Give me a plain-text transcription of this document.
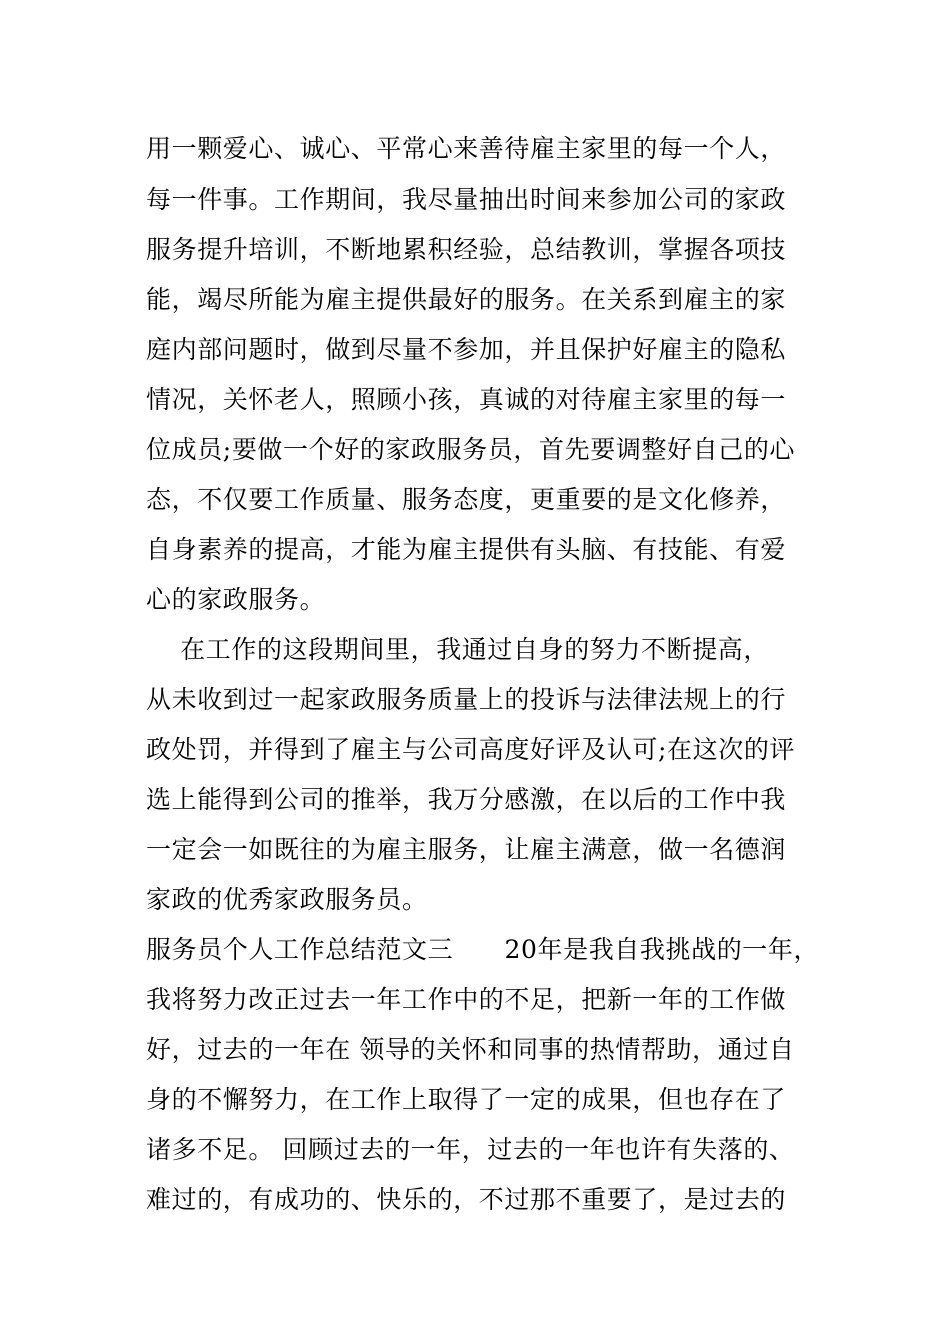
用一颗爱心、诚心、平常心来善待雇主家里的每一个人，
每一件事。工作期间，我尽量抽出时间来参加公司的家政
服务提升培训，不断地累积经验，总结教训，掌握各项技
能，竭尽所能为雇主提供最好的服务。在关系到雇主的家
庭内部问题时，做到尽量不参加，并且保护好雇主的隐私
情况，关怀老人，照顾小孩，真诚的对待雇主家里的每一
位成员;要做一个好的家政服务员，首先要调整好自己的心
态，不仅要工作质量、服务态度，更重要的是文化修养，
自身素养的提高，才能为雇主提供有头脑、有技能、有爱
心的家政服务。
在工作的这段期间里，我通过自身的努力不断提高，
从未收到过一起家政服务质量上的投诉与法律法规上的行
政处罚，并得到了雇主与公司高度好评及认可;在这次的评
选上能得到公司的推举，我万分感激，在以后的工作中我
一定会一如既往的为雇主服务，让雇主满意，做一名德润
家政的优秀家政服务员。
服务员个人工作总结范文三      20年是我自我挑战的一年，
我将努力改正过去一年工作中的不足，把新一年的工作做
好，过去的一年在 领导的关怀和同事的热情帮助，通过自
身的不懈努力，在工作上取得了一定的成果，但也存在了
诸多不足。 回顾过去的一年，过去的一年也许有失落的、
难过的，有成功的、快乐的，不过那不重要了，是过去的
